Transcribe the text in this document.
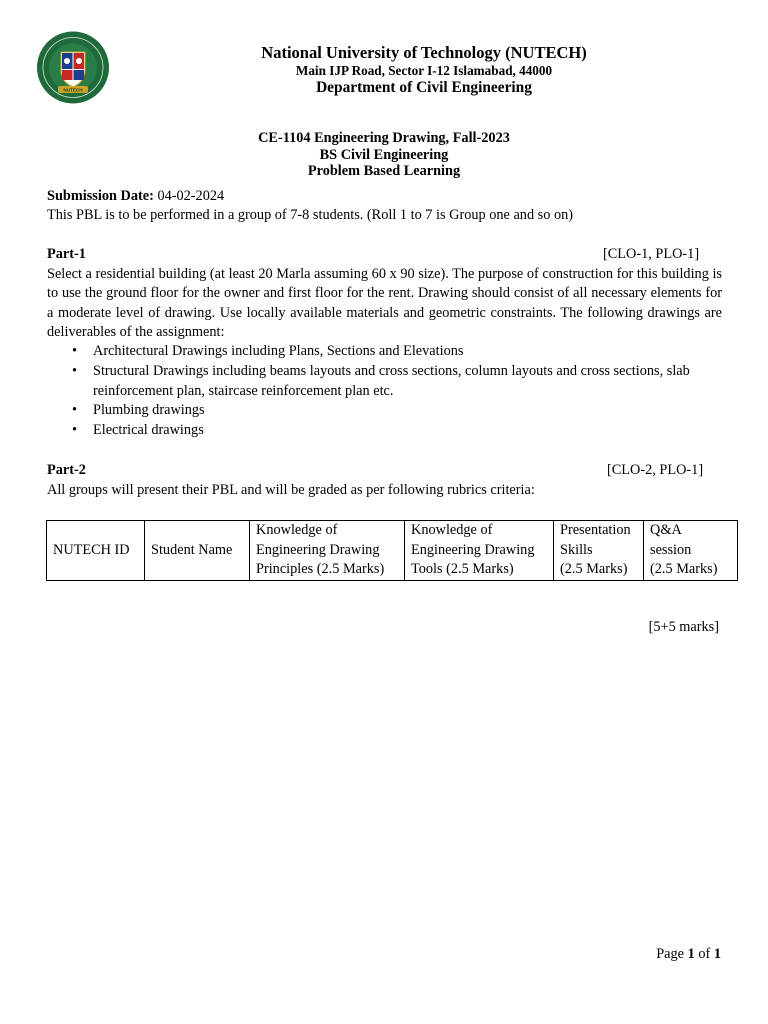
NUTECH
National University of Technology (NUTECH)
Main IJP Road, Sector I-12 Islamabad, 44000
Department of Civil Engineering
CE-1104 Engineering Drawing, Fall-2023
BS Civil Engineering
Problem Based Learning
Submission Date: 04-02-2024
This PBL is to be performed in a group of 7-8 students. (Roll 1 to 7 is Group one and so on)
Part-1	[CLO-1, PLO-1]
Select a residential building (at least 20 Marla assuming 60 x 90 size). The purpose of construction for this building is to use the ground floor for the owner and first floor for the rent. Drawing should consist of all necessary elements for a moderate level of drawing. Use locally available materials and geometric constraints. The following drawings are deliverables of the assignment:
• Architectural Drawings including Plans, Sections and Elevations
• Structural Drawings including beams layouts and cross sections, column layouts and cross sections, slab reinforcement plan, staircase reinforcement plan etc.
• Plumbing drawings
• Electrical drawings
Part-2	[CLO-2, PLO-1]
All groups will present their PBL and will be graded as per following rubrics criteria:
NUTECH ID	Student Name	
Knowledge of
Engineering Drawing
Principles (2.5 Marks)

Knowledge of
Engineering Drawing
Tools (2.5 Marks)

Presentation
Skills
(2.5 Marks)

Q&A
session
(2.5 Marks)
[5+5 marks]
Page 1 of 1
